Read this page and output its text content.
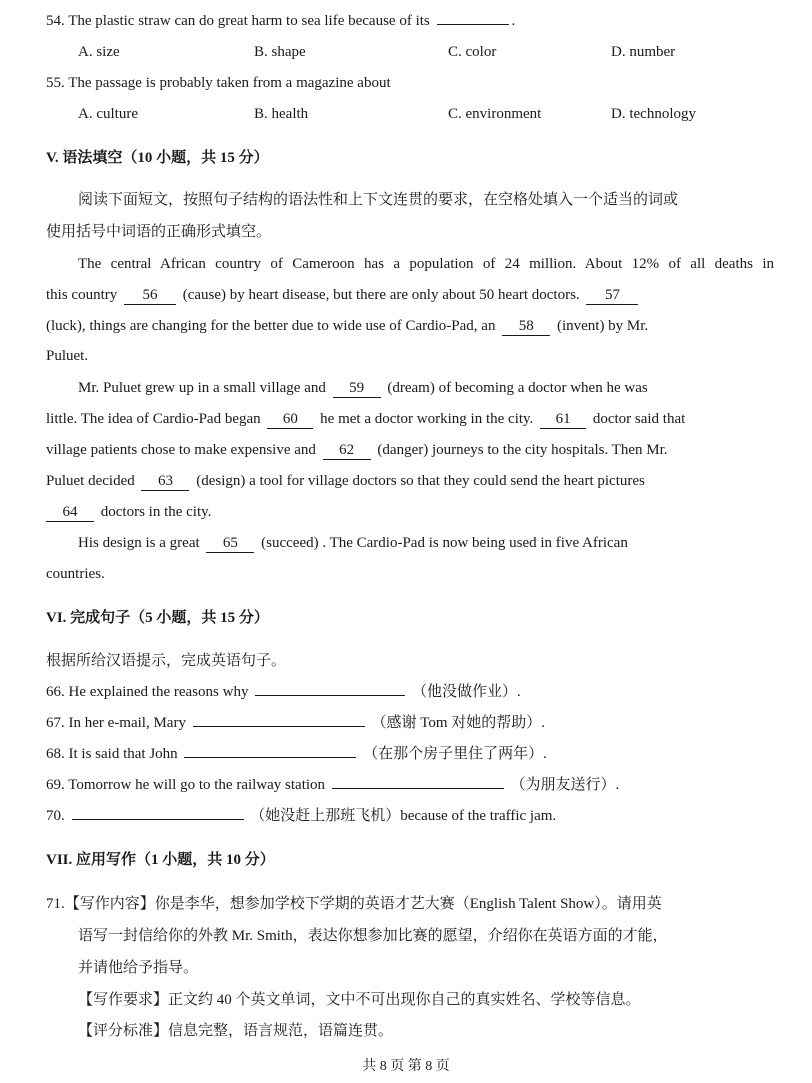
54. The plastic straw can do great harm to sea life because of its	.
A. size	B. shape	C. color	D. number
55. The passage is probably taken from a magazine about
A. culture	B. health	C. environment	D. technology
V. 语法填空（10 小题，共 15 分）
阅读下面短文，按照句子结构的语法性和上下文连贯的要求，在空格处填入一个适当的词或
使用括号中词语的正确形式填空。
The central African country of Cameroon has a population of 24 million. About 12% of all deaths in
this country 56 (cause) by heart disease, but there are only about 50 heart doctors. 57
(luck), things are changing for the better due to wide use of Cardio-Pad, an 58 (invent) by Mr.
Puluet.
Mr. Puluet grew up in a small village and 59 (dream) of becoming a doctor when he was
little. The idea of Cardio-Pad began 60 he met a doctor working in the city. 61 doctor said that
village patients chose to make expensive and 62 (danger) journeys to the city hospitals. Then Mr.
Puluet decided 63 (design) a tool for village doctors so that they could send the heart pictures
64 doctors in the city.
His design is a great 65 (succeed) . The Cardio-Pad is now being used in five African
countries.
VI. 完成句子（5 小题，共 15 分）
根据所给汉语提示，完成英语句子。
66. He explained the reasons why	（他没做作业）.
67. In her e-mail, Mary	（感谢 Tom 对她的帮助）.
68. It is said that John	（在那个房子里住了两年）.
69. Tomorrow he will go to the railway station	（为朋友送行）.
70.	（她没赶上那班飞机）because of the traffic jam.
VII. 应用写作（1 小题，共 10 分）
71.【写作内容】你是李华，想参加学校下学期的英语才艺大赛（English Talent Show）。请用英
语写一封信给你的外教 Mr. Smith，表达你想参加比赛的愿望，介绍你在英语方面的才能，
并请他给予指导。
【写作要求】正文约 40 个英文单词，文中不可出现你自己的真实姓名、学校等信息。
【评分标准】信息完整，语言规范，语篇连贯。
共 8 页 第 8 页
